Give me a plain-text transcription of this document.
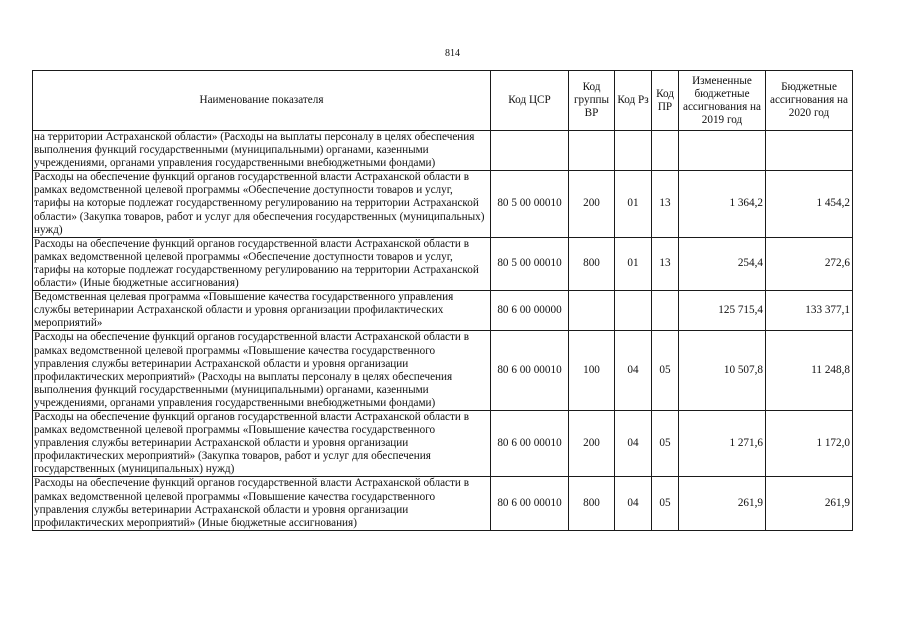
814
Наименование показателя	Код ЦСР	Код группы ВР	Код Рз	Код ПР	Измененные бюджетные ассигнования на 2019 год	Бюджетные ассигнования на 2020 год
на территории Астраханской области» (Расходы на выплаты персоналу в целях обеспечения выполнения функций государственными (муниципальными) органами, казенными учреждениями, органами управления государственными внебюджетными фондами)						
Расходы на обеспечение функций органов государственной власти Астраханской области в рамках ведомственной целевой программы «Обеспечение доступности товаров и услуг, тарифы на которые подлежат государственному регулированию на территории Астраханской области» (Закупка товаров, работ и услуг для обеспечения государственных (муниципальных) нужд)	80 5 00 00010	200	01	13	1 364,2	1 454,2
Расходы на обеспечение функций органов государственной власти Астраханской области в рамках ведомственной целевой программы «Обеспечение доступности товаров и услуг, тарифы на которые подлежат государственному регулированию на территории Астраханской области» (Иные бюджетные ассигнования)	80 5 00 00010	800	01	13	254,4	272,6
Ведомственная целевая программа «Повышение качества государственного управления службы ветеринарии Астраханской области и уровня организации профилактических мероприятий»	80 6 00 00000				125 715,4	133 377,1
Расходы на обеспечение функций органов государственной власти Астраханской области в рамках ведомственной целевой программы «Повышение качества государственного управления службы ветеринарии Астраханской области и уровня организации профилактических мероприятий» (Расходы на выплаты персоналу в целях обеспечения выполнения функций государственными (муниципальными) органами, казенными учреждениями, органами управления государственными внебюджетными фондами)	80 6 00 00010	100	04	05	10 507,8	11 248,8
Расходы на обеспечение функций органов государственной власти Астраханской области в рамках ведомственной целевой программы «Повышение качества государственного управления службы ветеринарии Астраханской области и уровня организации профилактических мероприятий» (Закупка товаров, работ и услуг для обеспечения государственных (муниципальных) нужд)	80 6 00 00010	200	04	05	1 271,6	1 172,0
Расходы на обеспечение функций органов государственной власти Астраханской области в рамках ведомственной целевой программы «Повышение качества государственного управления службы ветеринарии Астраханской области и уровня организации профилактических мероприятий» (Иные бюджетные ассигнования)	80 6 00 00010	800	04	05	261,9	261,9
